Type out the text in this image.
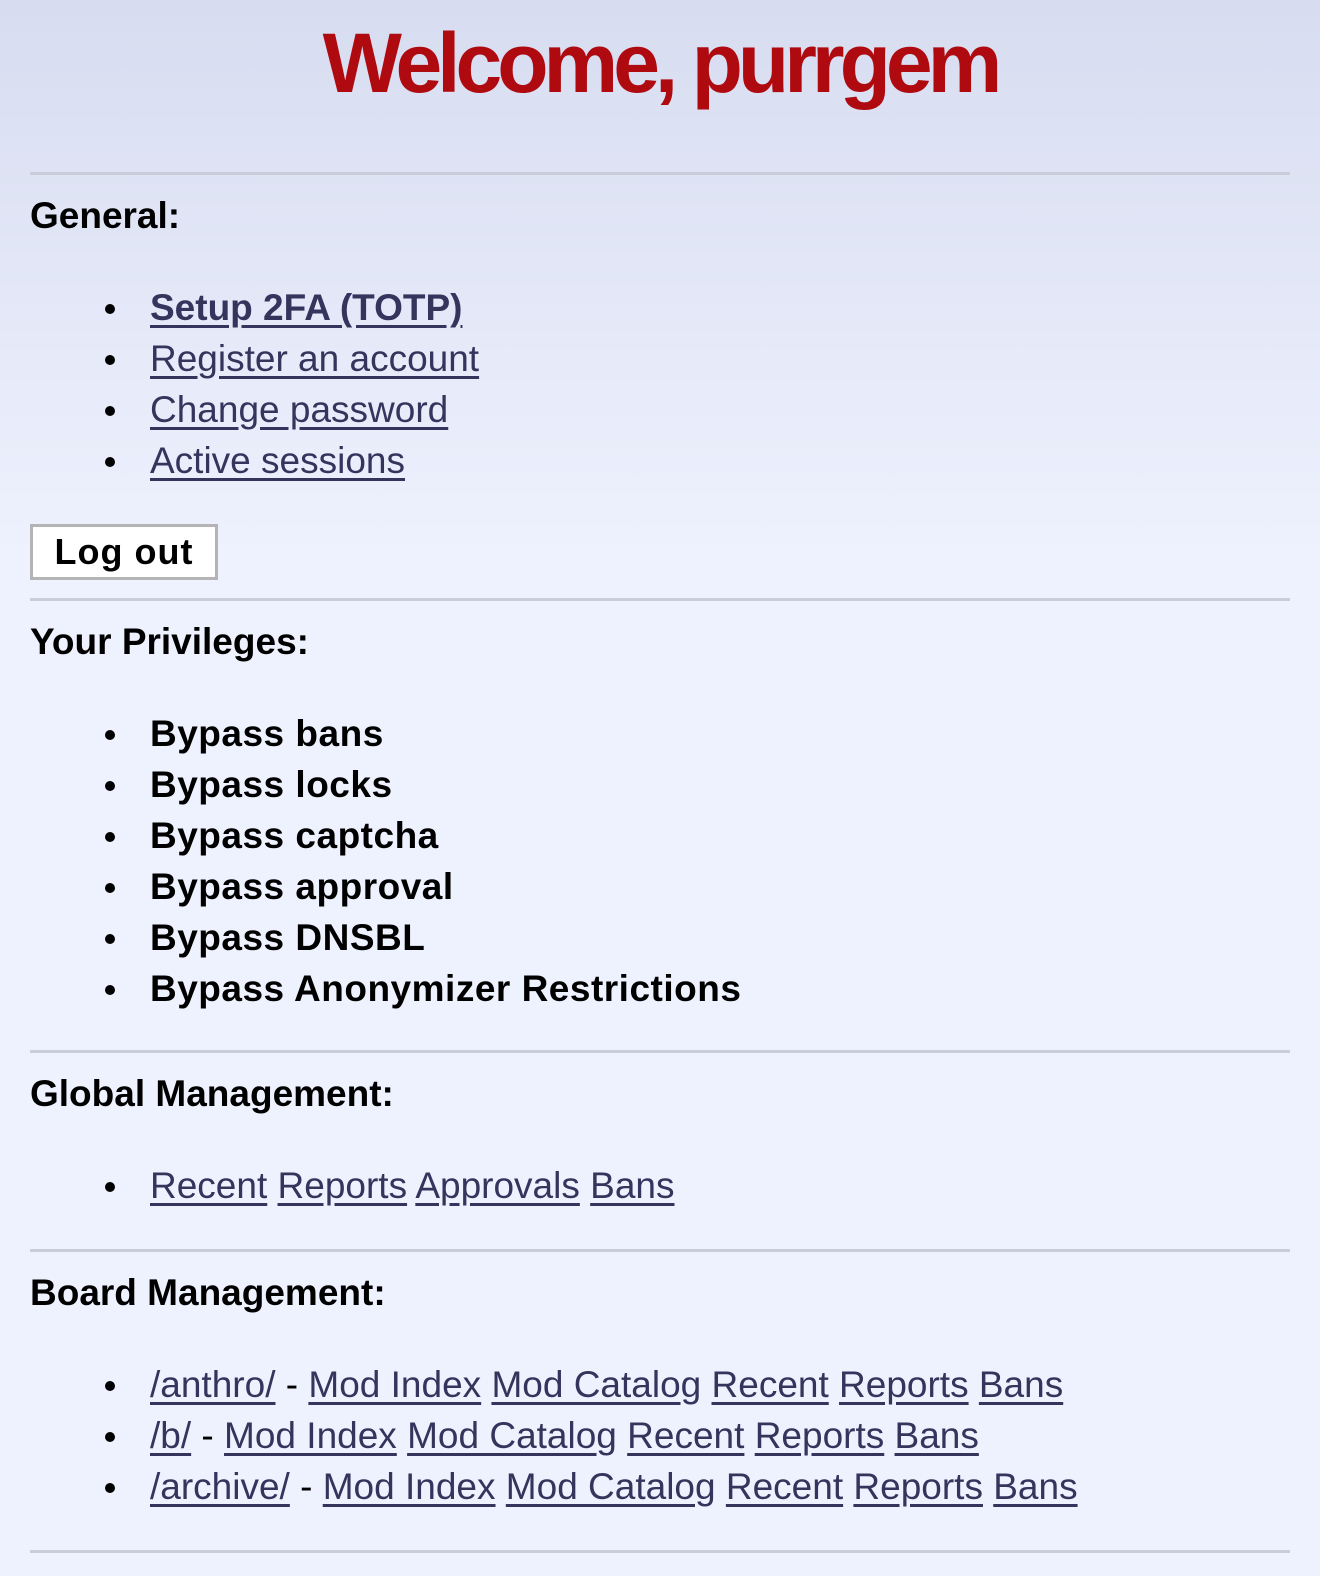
Welcome, purrgem
General:
Setup 2FA (TOTP)
Register an account
Change password
Active sessions
Log out
Your Privileges:
Bypass bans
Bypass locks
Bypass captcha
Bypass approval
Bypass DNSBL
Bypass Anonymizer Restrictions
Global Management:
Recent Reports Approvals Bans
Board Management:
/anthro/ - Mod Index Mod Catalog Recent Reports Bans
/b/ - Mod Index Mod Catalog Recent Reports Bans
/archive/ - Mod Index Mod Catalog Recent Reports Bans
